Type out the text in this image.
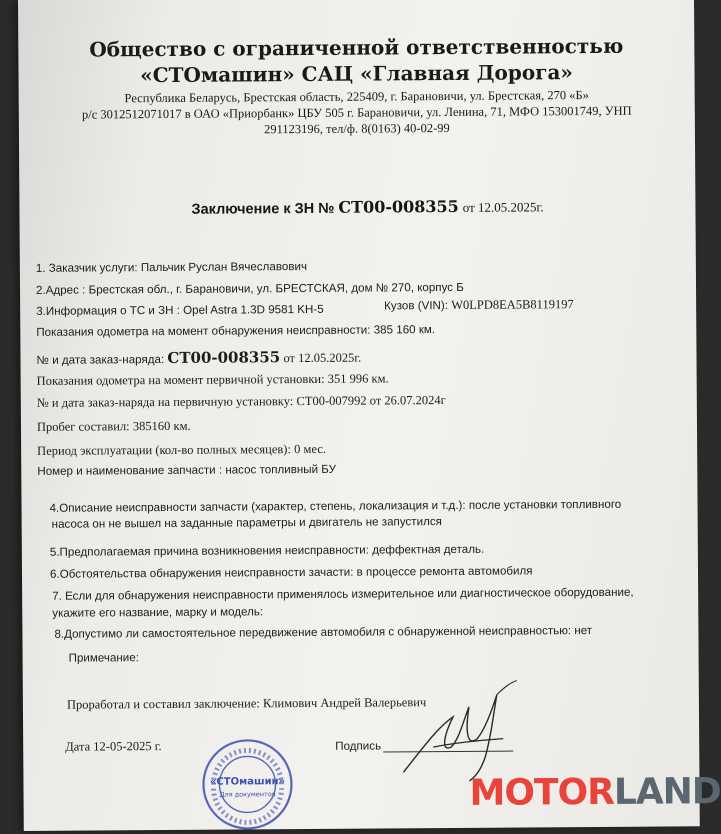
Общество с ограниченной ответственностью
«СТОмашин» САЦ «Главная Дорога»
Республика Беларусь, Брестская область, 225409, г. Барановичи, ул. Брестская, 270 «Б»
р/с 3012512071017 в ОАО «Приорбанк» ЦБУ 505 г. Барановичи, ул. Ленина, 71, МФО 153001749, УНП
291123196, тел/ф. 8(0163) 40-02-99
Заключение к ЗН № СТ00-008355 от 12.05.2025г.
1. Заказчик услуги: Пальчик Руслан Вячеславович
2.Адрес : Брестская обл., г. Барановичи, ул. БРЕСТСКАЯ, дом № 270, корпус Б
3.Информация о ТС и ЗН : Opel Astra 1.3D 9581 KH-5	Кузов (VIN): W0LPD8EA5B8119197
Показания одометра на момент обнаружения неисправности: 385 160 км.
№ и дата заказ-наряда: СТ00-008355 от 12.05.2025г.
Показания одометра на момент первичной установки: 351 996 км.
№ и дата заказ-наряда на первичную установку: СТ00-007992 от 26.07.2024г
Пробег составил: 385160 км.
Период эксплуатации (кол-во полных месяцев): 0 мес.
Номер и наименование запчасти : насос топливный БУ
4.Описание неисправности запчасти (характер, степень, локализация и т.д.): после установки топливного
насоса он не вышел на заданные параметры и двигатель не запустился
5.Предполагаемая причина возникновения неисправности: деффектная деталь.
6.Обстоятельства обнаружения неисправности зачасти: в процессе ремонта автомобиля
7. Если для обнаружения неисправности применялось измерительное или диагностическое оборудование,
укажите его название, марку и модель:
8.Допустимо ли самостоятельное передвижение автомобиля с обнаруженной неисправностью: нет
Примечание:
Проработал и составил заключение: Климович Андрей Валерьевич
Дата 12-05-2025 г.	Подпись
«СТОмашин»
Для документов	MOTORLAND
